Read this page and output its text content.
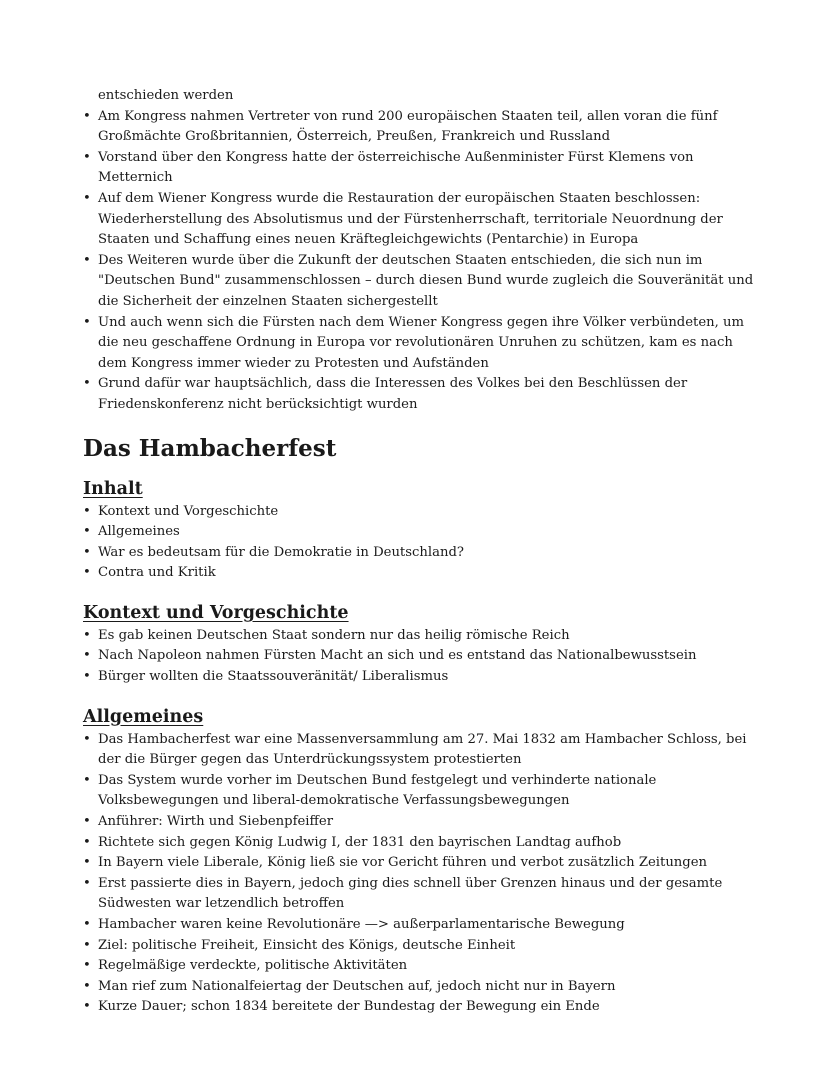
entschieden werden

• Am Kongress nahmen Vertreter von rund 200 europäischen Staaten teil, allen voran die fünf Großmächte Großbritannien, Österreich, Preußen, Frankreich und Russland
• Vorstand über den Kongress hatte der österreichische Außenminister Fürst Klemens von Metternich
• Auf dem Wiener Kongress wurde die Restauration der europäischen Staaten beschlossen: Wiederherstellung des Absolutismus und der Fürstenherrschaft, territoriale Neuordnung der Staaten und Schaffung eines neuen Kräftegleichgewichts (Pentarchie) in Europa
• Des Weiteren wurde über die Zukunft der deutschen Staaten entschieden, die sich nun im "Deutschen Bund" zusammenschlossen – durch diesen Bund wurde zugleich die Souveränität und die Sicherheit der einzelnen Staaten sichergestellt
• Und auch wenn sich die Fürsten nach dem Wiener Kongress gegen ihre Völker verbündeten, um die neu geschaffene Ordnung in Europa vor revolutionären Unruhen zu schützen, kam es nach dem Kongress immer wieder zu Protesten und Aufständen
• Grund dafür war hauptsächlich, dass die Interessen des Volkes bei den Beschlüssen der Friedenskonferenz nicht berücksichtigt wurden
Das Hambacherfest
Inhalt
• Kontext und Vorgeschichte
• Allgemeines
• War es bedeutsam für die Demokratie in Deutschland?
• Contra und Kritik
Kontext und Vorgeschichte
• Es gab keinen Deutschen Staat sondern nur das heilig römische Reich
• Nach Napoleon nahmen Fürsten Macht an sich und es entstand das Nationalbewusstsein
• Bürger wollten die Staatssouveränität/ Liberalismus
Allgemeines
• Das Hambacherfest war eine Massenversammlung am 27. Mai 1832 am Hambacher Schloss, bei der die Bürger gegen das Unterdrückungssystem protestierten
• Das System wurde vorher im Deutschen Bund festgelegt und verhinderte nationale Volksbewegungen und liberal-demokratische Verfassungsbewegungen
• Anführer: Wirth und Siebenpfeiffer
• Richtete sich gegen König Ludwig I, der 1831 den bayrischen Landtag aufhob
• In Bayern viele Liberale, König ließ sie vor Gericht führen und verbot zusätzlich Zeitungen
• Erst passierte dies in Bayern, jedoch ging dies schnell über Grenzen hinaus und der gesamte Südwesten war letzendlich betroffen
• Hambacher waren keine Revolutionäre —> außerparlamentarische Bewegung
• Ziel: politische Freiheit, Einsicht des Königs, deutsche Einheit
• Regelmäßige verdeckte, politische Aktivitäten
• Man rief zum Nationalfeiertag der Deutschen auf, jedoch nicht nur in Bayern
• Kurze Dauer; schon 1834 bereitete der Bundestag der Bewegung ein Ende
